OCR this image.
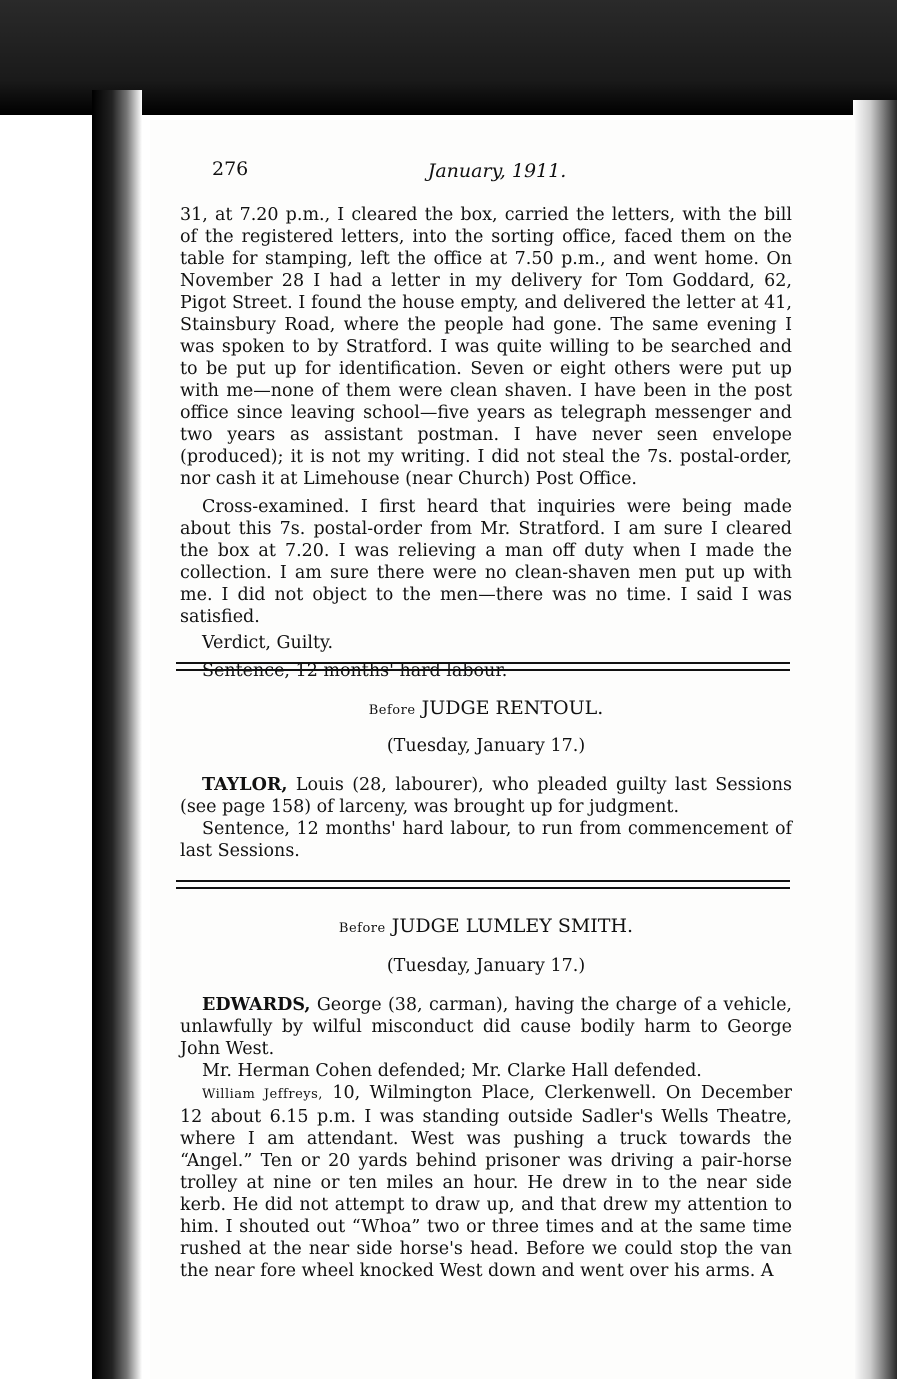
276	January, 1911.

31, at 7.20 p.m., I cleared the box, carried the letters, with the bill of the registered letters, into the sorting office, faced them on the table for stamping, left the office at 7.50 p.m., and went home. On November 28 I had a letter in my delivery for Tom Goddard, 62, Pigot Street. I found the house empty, and delivered the letter at 41, Stainsbury Road, where the people had gone. The same evening I was spoken to by Stratford. I was quite willing to be searched and to be put up for identification. Seven or eight others were put up with me—none of them were clean shaven. I have been in the post office since leaving school—five years as telegraph messenger and two years as assistant postman. I have never seen envelope (produced); it is not my writing. I did not steal the 7s. postal-order, nor cash it at Limehouse (near Church) Post Office.

Cross-examined. I first heard that inquiries were being made about this 7s. postal-order from Mr. Stratford. I am sure I cleared the box at 7.20. I was relieving a man off duty when I made the collection. I am sure there were no clean-shaven men put up with me. I did not object to the men—there was no time. I said I was satisfied.

Verdict, Guilty.

Sentence, 12 months' hard labour.

Before JUDGE RENTOUL.
(Tuesday, January 17.)

TAYLOR, Louis (28, labourer), who pleaded guilty last Sessions (see page 158) of larceny, was brought up for judgment.

Sentence, 12 months' hard labour, to run from commencement of last Sessions.

Before JUDGE LUMLEY SMITH.
(Tuesday, January 17.)

EDWARDS, George (38, carman), having the charge of a vehicle, unlawfully by wilful misconduct did cause bodily harm to George John West.

Mr. Herman Cohen defended; Mr. Clarke Hall defended.

William Jeffreys, 10, Wilmington Place, Clerkenwell. On December 12 about 6.15 p.m. I was standing outside Sadler's Wells Theatre, where I am attendant. West was pushing a truck towards the “Angel.” Ten or 20 yards behind prisoner was driving a pair-horse trolley at nine or ten miles an hour. He drew in to the near side kerb. He did not attempt to draw up, and that drew my attention to him. I shouted out “Whoa” two or three times and at the same time rushed at the near side horse's head. Before we could stop the van the near fore wheel knocked West down and went over his arms. A
